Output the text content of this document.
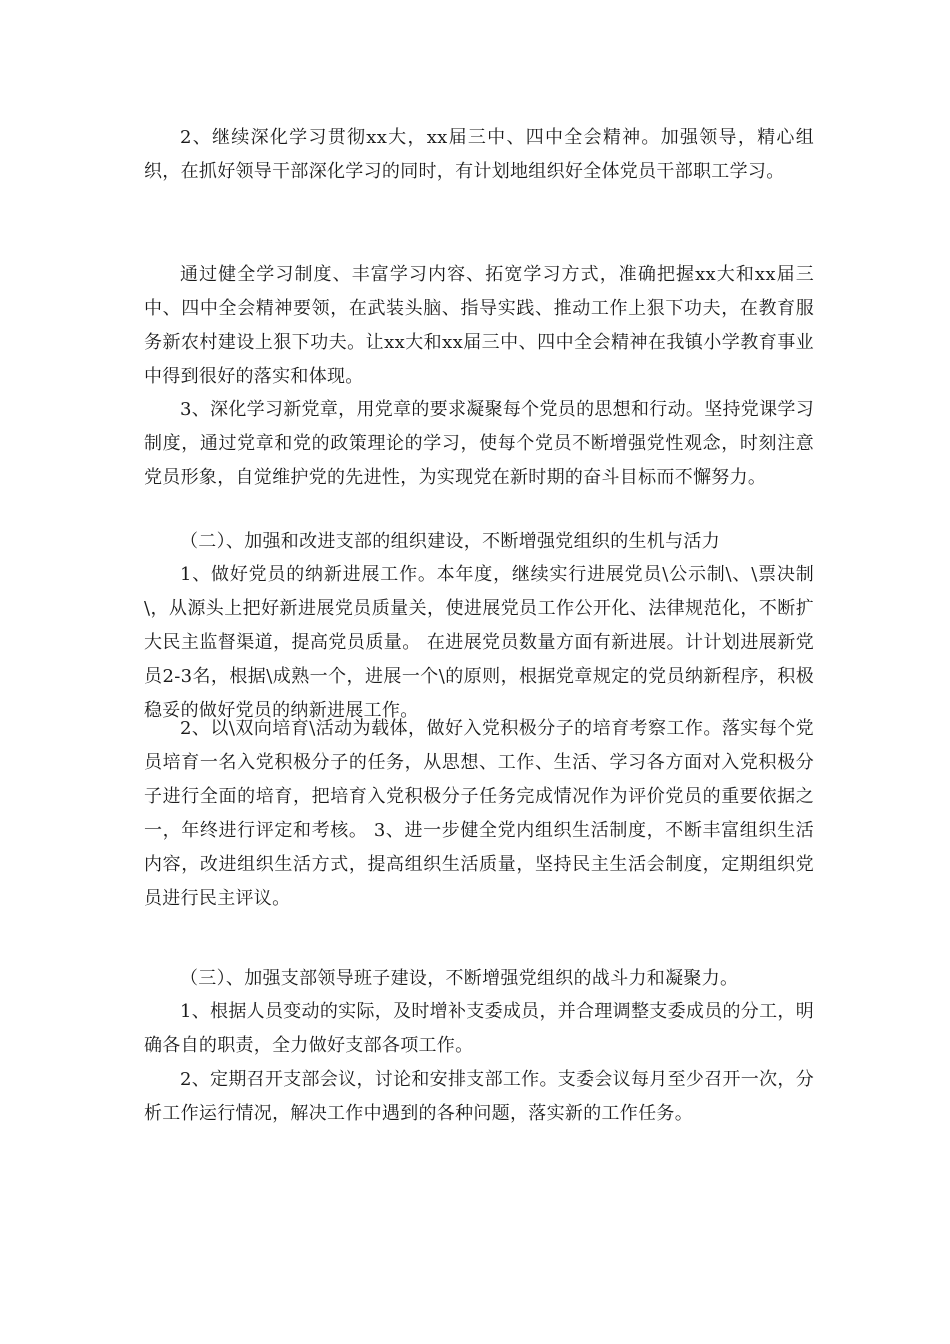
2、继续深化学习贯彻xx大，xx届三中、四中全会精神。加强领导，精心组织，在抓好领导干部深化学习的同时，有计划地组织好全体党员干部职工学习。

通过健全学习制度、丰富学习内容、拓宽学习方式，准确把握xx大和xx届三中、四中全会精神要领，在武装头脑、指导实践、推动工作上狠下功夫，在教育服务新农村建设上狠下功夫。让xx大和xx届三中、四中全会精神在我镇小学教育事业中得到很好的落实和体现。

3、深化学习新党章，用党章的要求凝聚每个党员的思想和行动。坚持党课学习制度，通过党章和党的政策理论的学习，使每个党员不断增强党性观念，时刻注意党员形象，自觉维护党的先进性，为实现党在新时期的奋斗目标而不懈努力。

（二）、加强和改进支部的组织建设，不断增强党组织的生机与活力

1、做好党员的纳新进展工作。本年度，继续实行进展党员\公示制\、\票决制\，从源头上把好新进展党员质量关，使进展党员工作公开化、法律规范化，不断扩大民主监督渠道，提高党员质量。 在进展党员数量方面有新进展。计计划进展新党员2-3名，根据\成熟一个，进展一个\的原则，根据党章规定的党员纳新程序，积极稳妥的做好党员的纳新进展工作。

2、以\双向培育\活动为载体，做好入党积极分子的培育考察工作。落实每个党员培育一名入党积极分子的任务，从思想、工作、生活、学习各方面对入党积极分子进行全面的培育，把培育入党积极分子任务完成情况作为评价党员的重要依据之一，年终进行评定和考核。 3、进一步健全党内组织生活制度，不断丰富组织生活内容，改进组织生活方式，提高组织生活质量，坚持民主生活会制度，定期组织党员进行民主评议。

（三）、加强支部领导班子建设，不断增强党组织的战斗力和凝聚力。

1、根据人员变动的实际，及时增补支委成员，并合理调整支委成员的分工，明确各自的职责，全力做好支部各项工作。

2、定期召开支部会议，讨论和安排支部工作。支委会议每月至少召开一次，分析工作运行情况，解决工作中遇到的各种问题，落实新的工作任务。
